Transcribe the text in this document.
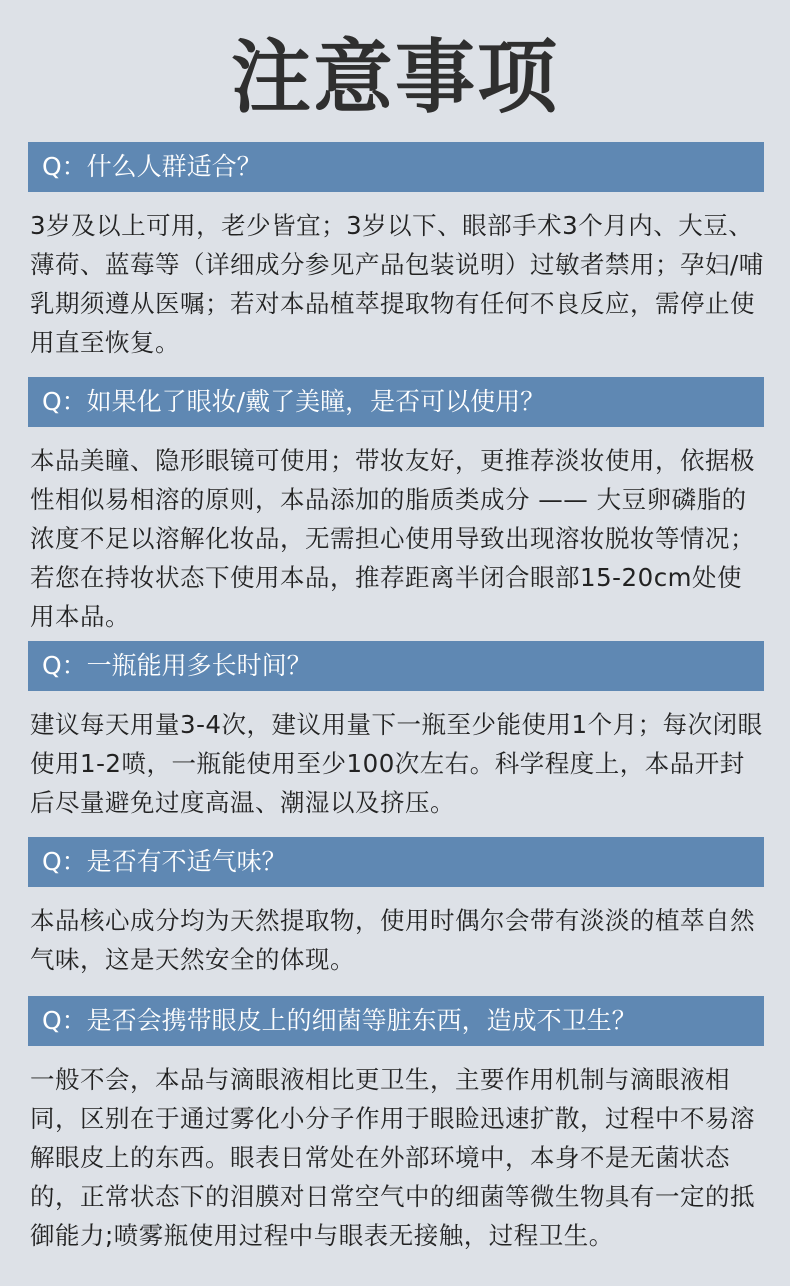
注意事项
Q：什么人群适合？
3岁及以上可用，老少皆宜；3岁以下、眼部手术3个月内、大豆、薄荷、蓝莓等（详细成分参见产品包装说明）过敏者禁用；孕妇/哺乳期须遵从医嘱；若对本品植萃提取物有任何不良反应，需停止使用直至恢复。
Q：如果化了眼妆/戴了美瞳，是否可以使用？
本品美瞳、隐形眼镜可使用；带妆友好，更推荐淡妆使用，依据极性相似易相溶的原则，本品添加的脂质类成分 —— 大豆卵磷脂的浓度不足以溶解化妆品，无需担心使用导致出现溶妆脱妆等情况；若您在持妆状态下使用本品，推荐距离半闭合眼部15-20cm处使用本品。
Q：一瓶能用多长时间？
建议每天用量3-4次，建议用量下一瓶至少能使用1个月；每次闭眼使用1-2喷，一瓶能使用至少100次左右。科学程度上，本品开封后尽量避免过度高温、潮湿以及挤压。
Q：是否有不适气味？
本品核心成分均为天然提取物，使用时偶尔会带有淡淡的植萃自然气味，这是天然安全的体现。
Q：是否会携带眼皮上的细菌等脏东西，造成不卫生？
一般不会，本品与滴眼液相比更卫生，主要作用机制与滴眼液相同，区别在于通过雾化小分子作用于眼睑迅速扩散，过程中不易溶解眼皮上的东西。眼表日常处在外部环境中，本身不是无菌状态的，正常状态下的泪膜对日常空气中的细菌等微生物具有一定的抵御能力;喷雾瓶使用过程中与眼表无接触，过程卫生。
